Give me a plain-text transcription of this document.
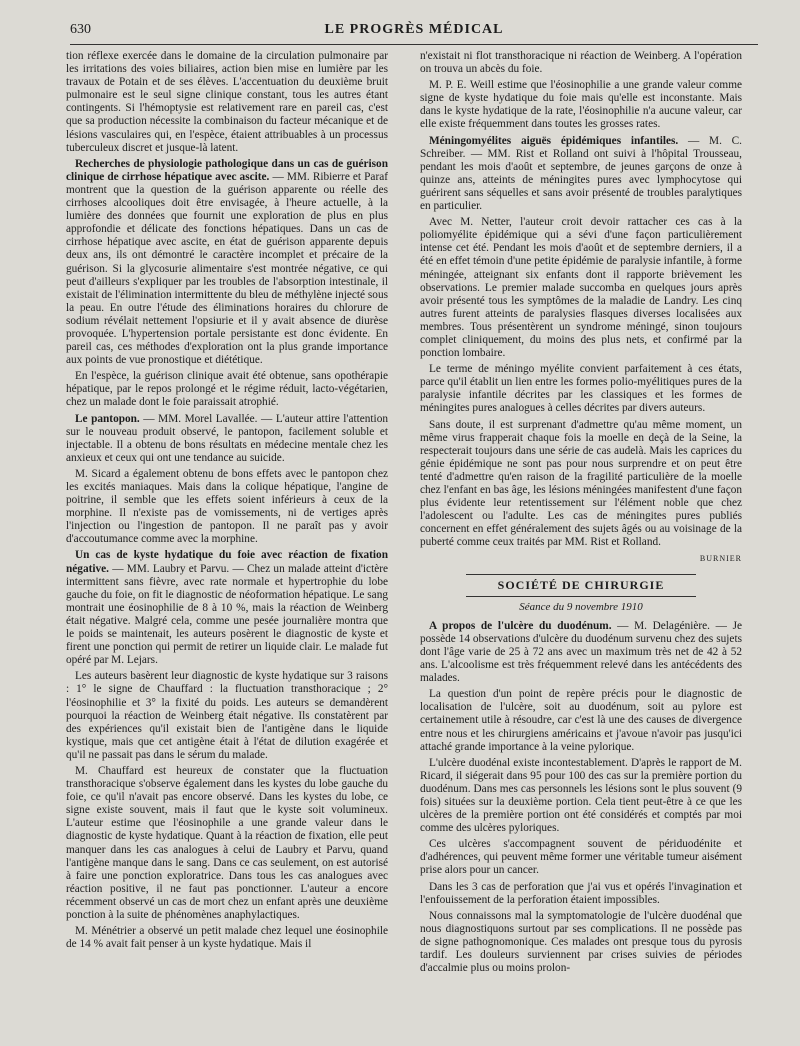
630	LE PROGRÈS MÉDICAL

tion réflexe exercée dans le domaine de la circulation pulmonaire par les irritations des voies biliaires, action bien mise en lumière par les travaux de Potain et de ses élèves. L'accentuation du deuxième bruit pulmonaire est le seul signe clinique constant, tous les autres étant contingents. Si l'hémoptysie est relativement rare en pareil cas, c'est que sa production nécessite la combinaison du facteur mécanique et de lésions vasculaires qui, en l'espèce, étaient attribuables à un processus tuberculeux discret et jusque-là latent.

Recherches de physiologie pathologique dans un cas de guérison clinique de cirrhose hépatique avec ascite. — MM. Ribierre et Paraf montrent que la question de la guérison apparente ou réelle des cirrhoses alcooliques doit être envisagée, à l'heure actuelle, à la lumière des données que fournit une exploration de plus en plus approfondie et délicate des fonctions hépatiques. Dans un cas de cirrhose hépatique avec ascite, en état de guérison apparente depuis deux ans, ils ont démontré le caractère incomplet et précaire de la guérison. Si la glycosurie alimentaire s'est montrée négative, ce qui peut d'ailleurs s'expliquer par les troubles de l'absorption intestinale, il existait de l'élimination intermittente du bleu de méthylène injecté sous la peau. En outre l'étude des éliminations horaires du chlorure de sodium révélait nettement l'opsiurie et il y avait absence de diurèse provoquée. L'hypertension portale persistante est donc évidente. En pareil cas, ces méthodes d'exploration ont la plus grande importance aux points de vue pronostique et diététique.

En l'espèce, la guérison clinique avait été obtenue, sans opothérapie hépatique, par le repos prolongé et le régime réduit, lacto-végétarien, chez un malade dont le foie paraissait atrophié.

Le pantopon. — MM. Morel Lavallée. — L'auteur attire l'attention sur le nouveau produit observé, le pantopon, facilement soluble et injectable. Il a obtenu de bons résultats en médecine mentale chez les anxieux et ceux qui ont une tendance au suicide.

M. Sicard a également obtenu de bons effets avec le pantopon chez les excités maniaques. Mais dans la colique hépatique, l'angine de poitrine, il semble que les effets soient inférieurs à ceux de la morphine. Il n'existe pas de vomissements, ni de vertiges après l'injection ou l'ingestion de pantopon. Il ne paraît pas y avoir d'accoutumance comme avec la morphine.

Un cas de kyste hydatique du foie avec réaction de fixation négative. — MM. Laubry et Parvu. — Chez un malade atteint d'ictère intermittent sans fièvre, avec rate normale et hypertrophie du lobe gauche du foie, on fit le diagnostic de néoformation hépatique. Le sang montrait une éosinophilie de 8 à 10 %, mais la réaction de Weinberg était négative. Malgré cela, comme une pesée journalière montra que le poids se maintenait, les auteurs posèrent le diagnostic de kyste et firent une ponction qui permit de retirer un liquide clair. Le malade fut opéré par M. Lejars.

Les auteurs basèrent leur diagnostic de kyste hydatique sur 3 raisons : 1° le signe de Chauffard : la fluctuation transthoracique ; 2° l'éosinophilie et 3° la fixité du poids. Les auteurs se demandèrent pourquoi la réaction de Weinberg était négative. Ils constatèrent par des expériences qu'il existait bien de l'antigène dans le liquide kystique, mais que cet antigène était à l'état de dilution exagérée et qu'il ne passait pas dans le sérum du malade.

M. Chauffard est heureux de constater que la fluctuation transthoracique s'observe également dans les kystes du lobe gauche du foie, ce qu'il n'avait pas encore observé. Dans les kystes du lobe, ce signe existe souvent, mais il faut que le kyste soit volumineux. L'auteur estime que l'éosinophile a une grande valeur dans le diagnostic de kyste hydatique. Quant à la réaction de fixation, elle peut manquer dans les cas analogues à celui de Laubry et Parvu, quand l'antigène manque dans le sang. Dans ce cas seulement, on est autorisé à faire une ponction exploratrice. Dans tous les cas analogues avec réaction positive, il ne faut pas ponctionner. L'auteur a encore récemment observé un cas de mort chez un enfant après une deuxième ponction à la suite de phénomènes anaphylactiques.

M. Ménétrier a observé un petit malade chez lequel une éosinophile de 14 % avait fait penser à un kyste hydatique. Mais il

n'existait ni flot transthoracique ni réaction de Weinberg. A l'opération on trouva un abcès du foie.

M. P. E. Weill estime que l'éosinophilie a une grande valeur comme signe de kyste hydatique du foie mais qu'elle est inconstante. Mais dans le kyste hydatique de la rate, l'éosinophilie n'a aucune valeur, car elle existe fréquemment dans toutes les grosses rates.

Méningomyélites aiguës épidémiques infantiles. — M. C. Schreiber. — MM. Rist et Rolland ont suivi à l'hôpital Trousseau, pendant les mois d'août et septembre, de jeunes garçons de onze à quinze ans, atteints de méningites pures avec lymphocytose qui guérirent sans séquelles et sans avoir présenté de troubles paralytiques en particulier.

Avec M. Netter, l'auteur croit devoir rattacher ces cas à la poliomyélite épidémique qui a sévi d'une façon particulièrement intense cet été. Pendant les mois d'août et de septembre derniers, il a été en effet témoin d'une petite épidémie de paralysie infantile, à forme méningée, atteignant six enfants dont il rapporte brièvement les observations. Le premier malade succomba en quelques jours après avoir présenté tous les symptômes de la maladie de Landry. Les cinq autres furent atteints de paralysies flasques diverses localisées aux membres. Tous présentèrent un syndrome méningé, sinon toujours complet cliniquement, du moins des plus nets, et confirmé par la ponction lombaire.

Le terme de méningo myélite convient parfaitement à ces états, parce qu'il établit un lien entre les formes polio-myélitiques pures de la paralysie infantile décrites par les classiques et les formes de méningites pures analogues à celles décrites par divers auteurs.

Sans doute, il est surprenant d'admettre qu'au même moment, un même virus frapperait chaque fois la moelle en deçà de la Seine, la respecterait toujours dans une série de cas audelà. Mais les caprices du génie épidémique ne sont pas pour nous surprendre et on peut être tenté d'admettre qu'en raison de la fragilité particulière de la moelle chez l'enfant en bas âge, les lésions méningées manifestent d'une façon plus évidente leur retentissement sur l'élément noble que chez l'adolescent ou l'adulte. Les cas de méningites pures publiés concernent en effet généralement des sujets âgés ou au voisinage de la puberté comme ceux traités par MM. Rist et Rolland.

BURNIER
SOCIÉTÉ DE CHIRURGIE
Séance du 9 novembre 1910

A propos de l'ulcère du duodénum. — M. Delagénière. — Je possède 14 observations d'ulcère du duodénum survenu chez des sujets dont l'âge varie de 25 à 72 ans avec un maximum très net de 42 à 52 ans. L'alcoolisme est très fréquemment relevé dans les antécédents des malades.

La question d'un point de repère précis pour le diagnostic de localisation de l'ulcère, soit au duodénum, soit au pylore est certainement utile à résoudre, car c'est là une des causes de divergence entre nous et les chirurgiens américains et j'avoue n'avoir pas jusqu'ici attaché grande importance à la veine pylorique.

L'ulcère duodénal existe incontestablement. D'après le rapport de M. Ricard, il siégerait dans 95 pour 100 des cas sur la première portion du duodénum. Dans mes cas personnels les lésions sont le plus souvent (9 fois) situées sur la deuxième portion. Cela tient peut-être à ce que les ulcères de la première portion ont été considérés et comptés par moi comme des ulcères pyloriques.

Ces ulcères s'accompagnent souvent de périduodénite et d'adhérences, qui peuvent même former une véritable tumeur aisément prise alors pour un cancer.

Dans les 3 cas de perforation que j'ai vus et opérés l'invagination et l'enfouissement de la perforation étaient impossibles.

Nous connaissons mal la symptomatologie de l'ulcère duodénal que nous diagnostiquons surtout par ses complications. Il ne possède pas de signe pathognomonique. Ces malades ont presque tous du pyrosis tardif. Les douleurs surviennent par crises suivies de périodes d'accalmie plus ou moins prolon-
